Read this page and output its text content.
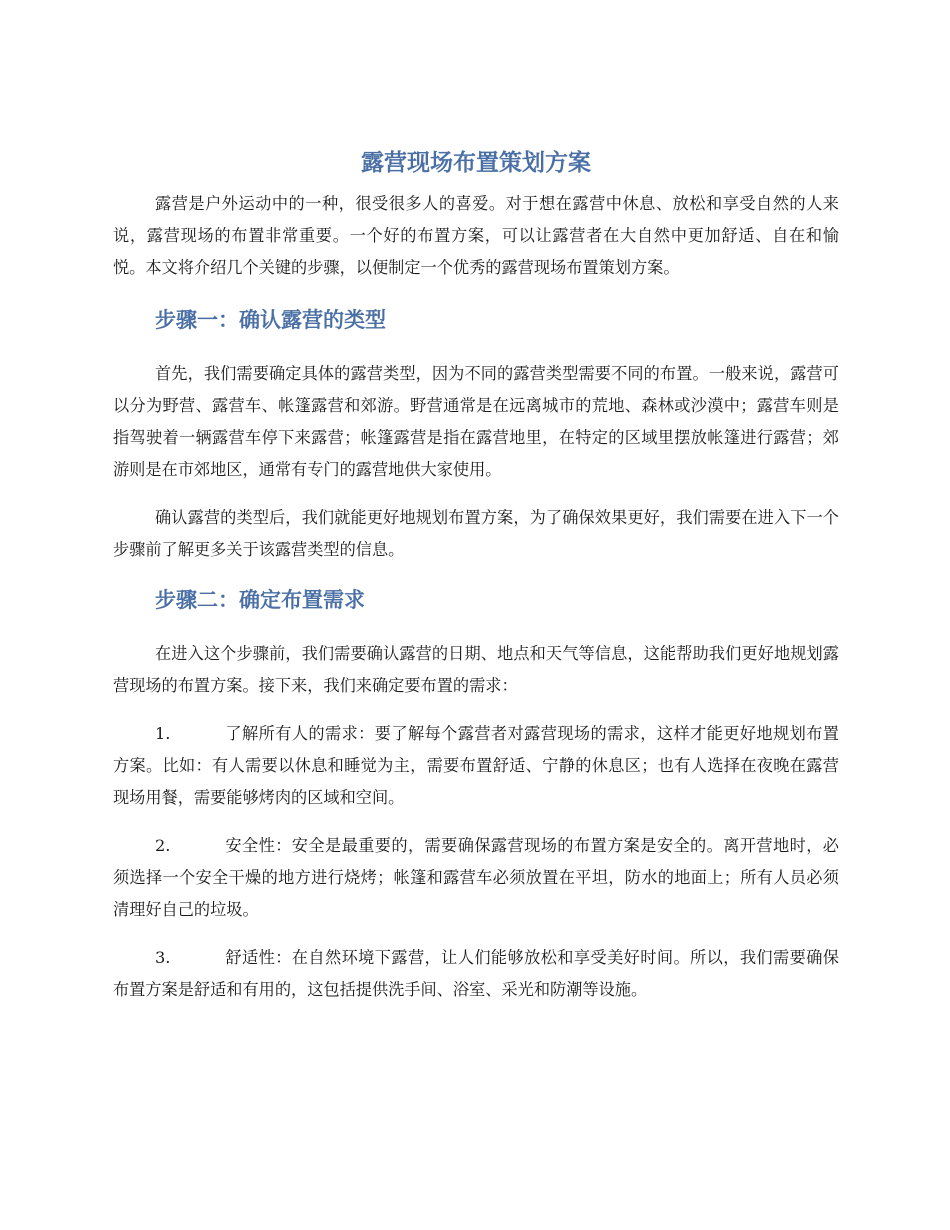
露营现场布置策划方案

露营是户外运动中的一种，很受很多人的喜爱。对于想在露营中休息、放松和享受自然的人来说，露营现场的布置非常重要。一个好的布置方案，可以让露营者在大自然中更加舒适、自在和愉悦。本文将介绍几个关键的步骤，以便制定一个优秀的露营现场布置策划方案。

步骤一：确认露营的类型

首先，我们需要确定具体的露营类型，因为不同的露营类型需要不同的布置。一般来说，露营可以分为野营、露营车、帐篷露营和郊游。野营通常是在远离城市的荒地、森林或沙漠中；露营车则是指驾驶着一辆露营车停下来露营；帐篷露营是指在露营地里，在特定的区域里摆放帐篷进行露营；郊游则是在市郊地区，通常有专门的露营地供大家使用。

确认露营的类型后，我们就能更好地规划布置方案，为了确保效果更好，我们需要在进入下一个步骤前了解更多关于该露营类型的信息。

步骤二：确定布置需求

在进入这个步骤前，我们需要确认露营的日期、地点和天气等信息，这能帮助我们更好地规划露营现场的布置方案。接下来，我们来确定要布置的需求：

1.	了解所有人的需求：要了解每个露营者对露营现场的需求，这样才能更好地规划布置方案。比如：有人需要以休息和睡觉为主，需要布置舒适、宁静的休息区；也有人选择在夜晚在露营现场用餐，需要能够烤肉的区域和空间。

2.	安全性：安全是最重要的，需要确保露营现场的布置方案是安全的。离开营地时，必须选择一个安全干燥的地方进行烧烤；帐篷和露营车必须放置在平坦，防水的地面上；所有人员必须清理好自己的垃圾。

3.	舒适性：在自然环境下露营，让人们能够放松和享受美好时间。所以，我们需要确保布置方案是舒适和有用的，这包括提供洗手间、浴室、采光和防潮等设施。
